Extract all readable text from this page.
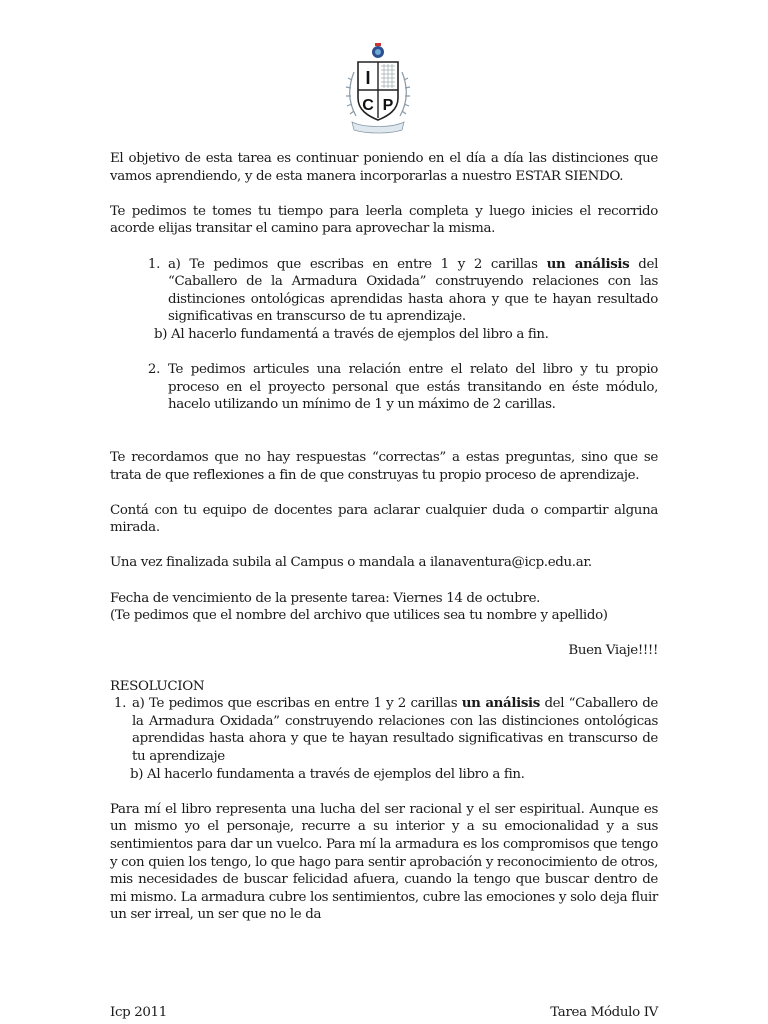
I
C P

El objetivo de esta tarea es continuar poniendo en el día a día las distinciones que vamos aprendiendo, y de esta manera incorporarlas a nuestro ESTAR SIENDO.

Te pedimos te tomes tu tiempo para leerla completa y luego inicies el recorrido acorde elijas transitar el camino para aprovechar la misma.

1. a) Te pedimos que escribas en entre 1 y 2 carillas un análisis del “Caballero de la Armadura Oxidada” construyendo relaciones con las distinciones ontológicas aprendidas hasta ahora y que te hayan resultado significativas en transcurso de tu aprendizaje.

b) Al hacerlo fundamentá a través de ejemplos del libro a fin.

2. Te pedimos articules una relación entre el relato del libro y tu propio proceso en el proyecto personal que estás transitando en éste módulo, hacelo utilizando un mínimo de 1 y un máximo de 2 carillas.

Te recordamos que no hay respuestas “correctas” a estas preguntas, sino que se trata de que reflexiones a fin de que construyas tu propio proceso de aprendizaje.

Contá con tu equipo de docentes para aclarar cualquier duda o compartir alguna mirada.

Una vez finalizada subila al Campus o mandala a ilanaventura@icp.edu.ar.

Fecha de vencimiento de la presente tarea: Viernes 14 de octubre.

(Te pedimos que el nombre del archivo que utilices sea tu nombre y apellido)

Buen Viaje!!!!

RESOLUCION

1. a) Te pedimos que escribas en entre 1 y 2 carillas un análisis del “Caballero de la Armadura Oxidada” construyendo relaciones con las distinciones ontológicas aprendidas hasta ahora y que te hayan resultado significativas en transcurso de tu aprendizaje

b) Al hacerlo fundamenta a través de ejemplos del libro a fin.

Para mí el libro representa una lucha del ser racional y el ser espiritual. Aunque es un mismo yo el personaje, recurre a su interior y a su emocionalidad y a sus sentimientos para dar un vuelco. Para mí la armadura es los compromisos que tengo y con quien los tengo, lo que hago para sentir aprobación y reconocimiento de otros, mis necesidades de buscar felicidad afuera, cuando la tengo que buscar dentro de mi mismo. La armadura cubre los sentimientos, cubre las emociones y solo deja fluir un ser irreal, un ser que no le da

Icp 2011	Tarea Módulo IV
